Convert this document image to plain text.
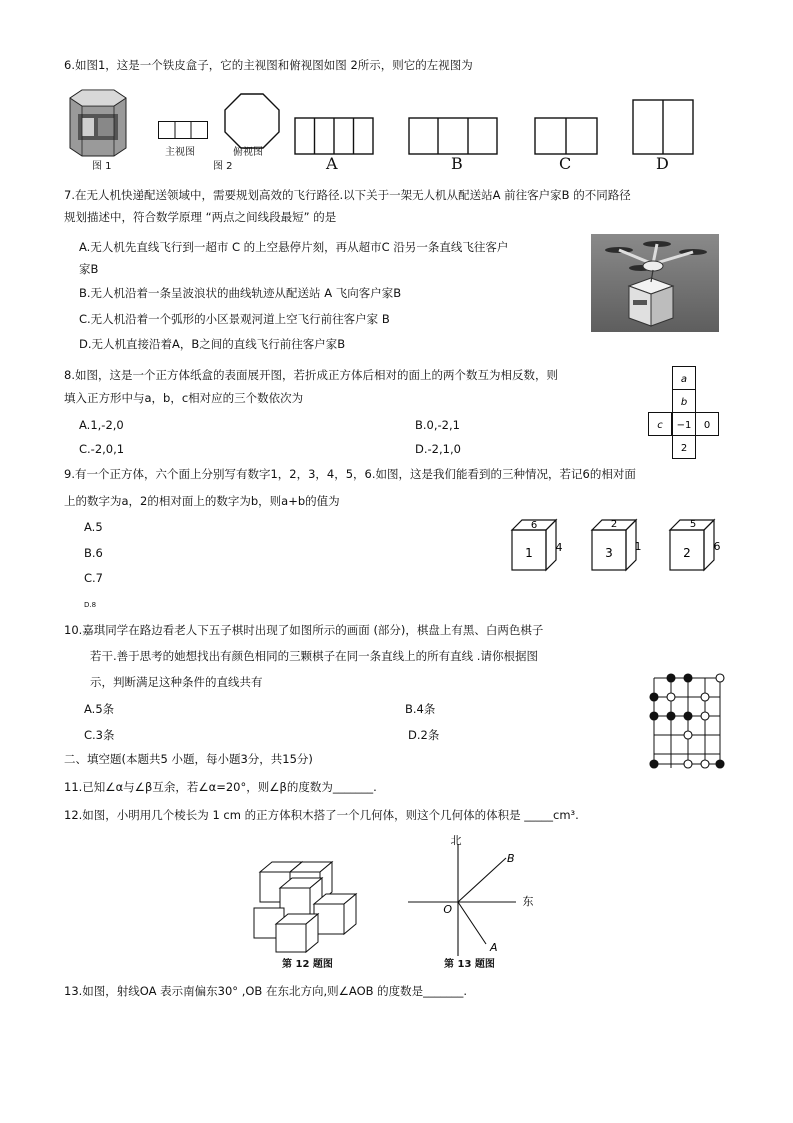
6.如图1，这是一个铁皮盒子，它的主视图和俯视图如图 2所示，则它的左视图为
图 1
主视图	俯视图
图 2	A	B	C	D
7.在无人机快递配送领域中，需要规划高效的飞行路径.以下关于一架无人机从配送站A 前往客户家B 的不同路径
规划描述中，符合数学原理 “两点之间线段最短” 的是
A.无人机先直线飞行到一超市 C 的上空悬停片刻，再从超市C 沿另一条直线飞往客户
家B
B.无人机沿着一条呈波浪状的曲线轨迹从配送站 A 飞向客户家B
C.无人机沿着一个弧形的小区景观河道上空飞行前往客户家 B
D.无人机直接沿着A，B之间的直线飞行前往客户家B
8.如图，这是一个正方体纸盒的表面展开图，若折成正方体后相对的面上的两个数互为相反数，则
填入正方形中与a，b，c相对应的三个数依次为
A.1,-2,0	B.0,-2,1
C.-2,0,1	D.-2,1,0
a
b
c −1 0
2
9.有一个正方体，六个面上分别写有数字1，2，3，4，5，6.如图，这是我们能看到的三种情况，若记6的相对面
上的数字为a，2的相对面上的数字为b，则a+b的值为
A.5
B.6
C.7
D.8
6
1 4
2
3 1
5
2 6
10.嘉琪同学在路边看老人下五子棋时出现了如图所示的画面 (部分)，棋盘上有黑、白两色棋子
若干.善于思考的她想找出有颜色相同的三颗棋子在同一条直线上的所有直线 .请你根据图
示，判断满足这种条件的直线共有
A.5条	B.4条
C.3条	D.2条
二、填空题(本题共5 小题，每小题3分，共15分)
11.已知∠α与∠β互余，若∠α=20°，则∠β的度数为_______.
12.如图，小明用几个棱长为 1 cm 的正方体积木搭了一个几何体，则这个几何体的体积是 _____cm³.
第 12 题图
北
东
O
A
B
第 13 题图
13.如图，射线OA 表示南偏东30° ,OB 在东北方向,则∠AOB 的度数是_______.
